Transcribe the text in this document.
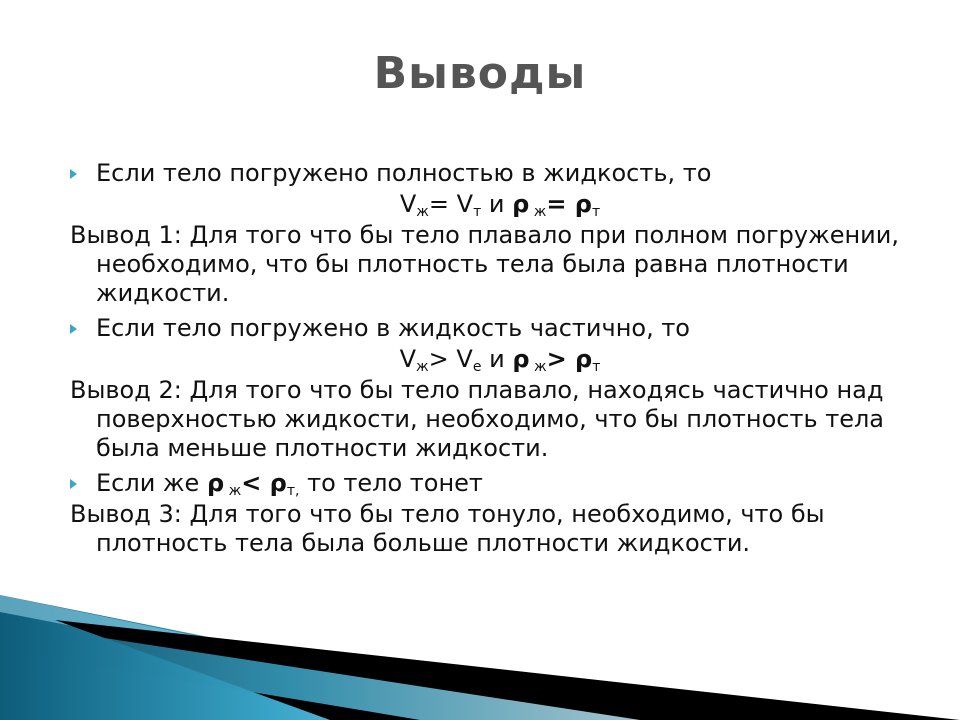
Выводы
Если тело погружено полностью в жидкость, то
$V_ж= V_т$ и ρ $_ж= \rho_т$
Вывод 1: Для того что бы тело плавало при полном погружении, необходимо, что бы плотность тела была равна плотности жидкости.
Если тело погружено в жидкость частично, то
$V_ж> V_е$ и ρ $_ж> \rho_т$
Вывод 2: Для того что бы тело плавало, находясь частично над поверхностью жидкости, необходимо, что бы плотность тела была меньше плотности жидкости.
Если же ρ $_ж< \rho_{т,}$ то тело тонет
Вывод 3: Для того что бы тело тонуло, необходимо, что бы плотность тела была больше плотности жидкости.
